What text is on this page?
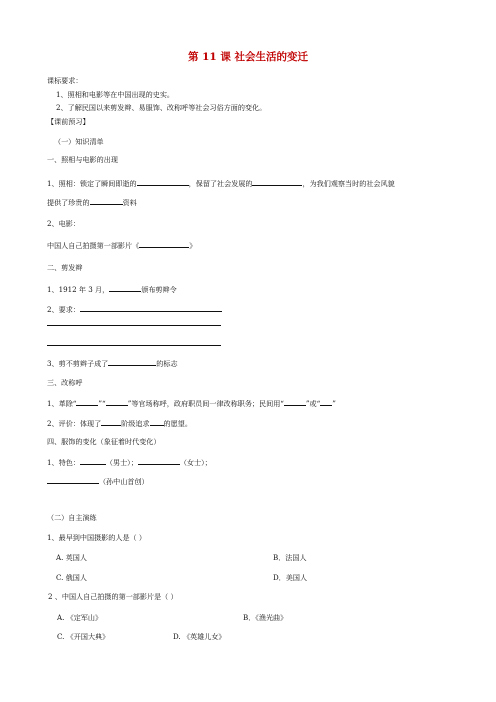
第 11 课 社会生活的变迁
课标要求：
1、照相和电影等在中国出现的史实。
2、了解民国以来剪发辫、易服饰、改称呼等社会习俗方面的变化。
【课前预习】
（一）知识清单
一、照相与电影的出现
1、照相：锁定了瞬间即逝的	，保留了社会发展的	，为我们观察当时的社会风貌
提供了珍贵的	资料
2、电影：
中国人自己拍摄第一部影片《	》
二、剪发辫
1、1912 年 3 月，	颁布剪辫令
2、要求：
3、剪不剪辫子成了	的标志
三、改称呼
1、革除“	”“	”等官场称呼，政府职员间一律改称职务；民间用“	”或“ ”
2、评价：体现了	阶级追求 的愿望。
四、服饰的变化（象征着时代变化）
1、特色：	（男士）；	（女士）；
（孙中山首创）
（二）自主演练
1、最早到中国摄影的人是（ ）
A. 英国人	B．法国人
C. 俄国人	D．美国人
2 、中国人自己拍摄的第一部影片是（ ）
A. 《定军山》	B．《渔光曲》
C. 《开国大典》	D. 《英雄儿女》
